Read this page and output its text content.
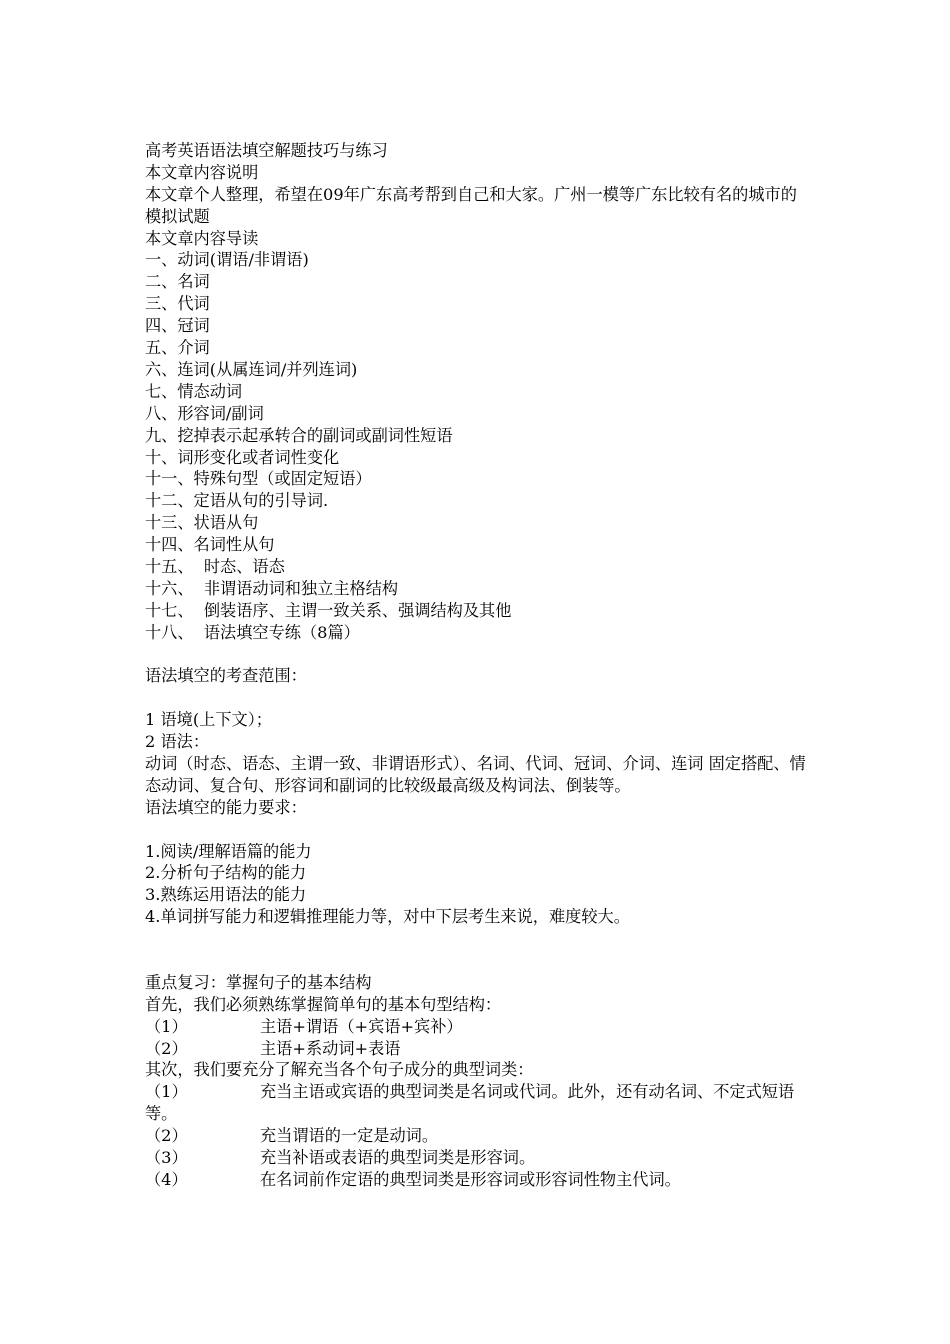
高考英语语法填空解题技巧与练习
本文章内容说明
本文章个人整理，希望在09年广东高考帮到自己和大家。广州一模等广东比较有名的城市的模拟试题
本文章内容导读
一、动词(谓语/非谓语)
二、名词
三、代词
四、冠词
五、介词
六、连词(从属连词/并列连词)
七、情态动词
八、形容词/副词
九、挖掉表示起承转合的副词或副词性短语
十、词形变化或者词性变化
十一、特殊句型（或固定短语）
十二、定语从句的引导词.
十三、状语从句
十四、名词性从句
十五、  时态、语态
十六、  非谓语动词和独立主格结构
十七、  倒装语序、主谓一致关系、强调结构及其他
十八、  语法填空专练（8篇）
语法填空的考查范围：
1 语境(上下文）；
2 语法：
动词（时态、语态、主谓一致、非谓语形式）、名词、代词、冠词、介词、连词 固定搭配、情态动词、复合句、形容词和副词的比较级最高级及构词法、倒装等。
语法填空的能力要求：
1.阅读/理解语篇的能力
2.分析句子结构的能力
3.熟练运用语法的能力
4.单词拼写能力和逻辑推理能力等，对中下层考生来说，难度较大。
重点复习：掌握句子的基本结构
首先，我们必须熟练掌握简单句的基本句型结构：
（1）	主语+谓语（+宾语+宾补）
（2）	主语+系动词+表语
其次，我们要充分了解充当各个句子成分的典型词类：
（1）	充当主语或宾语的典型词类是名词或代词。此外，还有动名词、不定式短语等。
（2）	充当谓语的一定是动词。
（3）	充当补语或表语的典型词类是形容词。
（4）	在名词前作定语的典型词类是形容词或形容词性物主代词。
